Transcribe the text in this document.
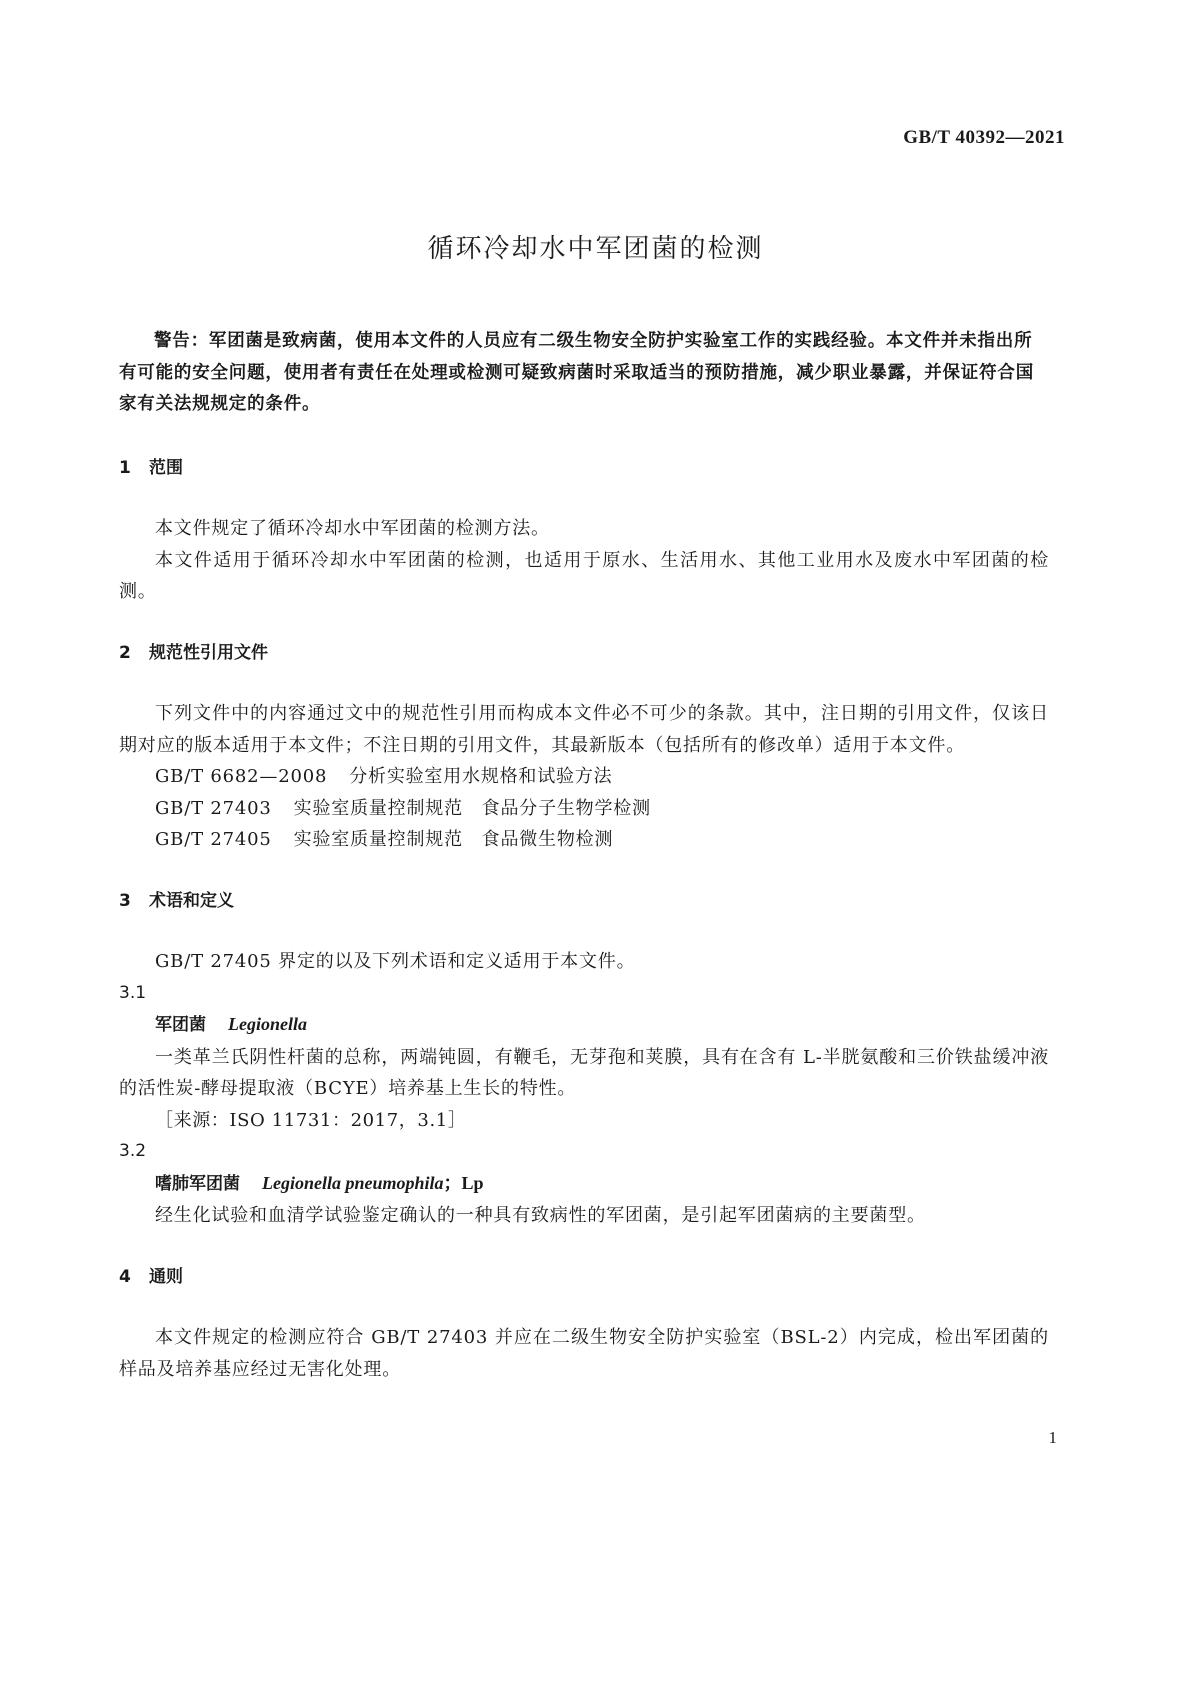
GB/T 40392—2021
循环冷却水中军团菌的检测

警告：军团菌是致病菌，使用本文件的人员应有二级生物安全防护实验室工作的实践经验。本文件并未指出所有可能的安全问题，使用者有责任在处理或检测可疑致病菌时采取适当的预防措施，减少职业暴露，并保证符合国家有关法规规定的条件。

1 范围

本文件规定了循环冷却水中军团菌的检测方法。

本文件适用于循环冷却水中军团菌的检测，也适用于原水、生活用水、其他工业用水及废水中军团菌的检测。

2 规范性引用文件

下列文件中的内容通过文中的规范性引用而构成本文件必不可少的条款。其中，注日期的引用文件，仅该日期对应的版本适用于本文件；不注日期的引用文件，其最新版本（包括所有的修改单）适用于本文件。

GB/T 6682—2008 分析实验室用水规格和试验方法

GB/T 27403 实验室质量控制规范　食品分子生物学检测

GB/T 27405 实验室质量控制规范　食品微生物检测

3 术语和定义

GB/T 27405 界定的以及下列术语和定义适用于本文件。

3.1

军团菌 Legionella

一类革兰氏阴性杆菌的总称，两端钝圆，有鞭毛，无芽孢和荚膜，具有在含有 L-半胱氨酸和三价铁盐缓冲液的活性炭-酵母提取液（BCYE）培养基上生长的特性。

［来源：ISO 11731：2017，3.1］

3.2

嗜肺军团菌 Legionella pneumophila；Lp

经生化试验和血清学试验鉴定确认的一种具有致病性的军团菌，是引起军团菌病的主要菌型。

4 通则

本文件规定的检测应符合 GB/T 27403 并应在二级生物安全防护实验室（BSL-2）内完成，检出军团菌的样品及培养基应经过无害化处理。

1
